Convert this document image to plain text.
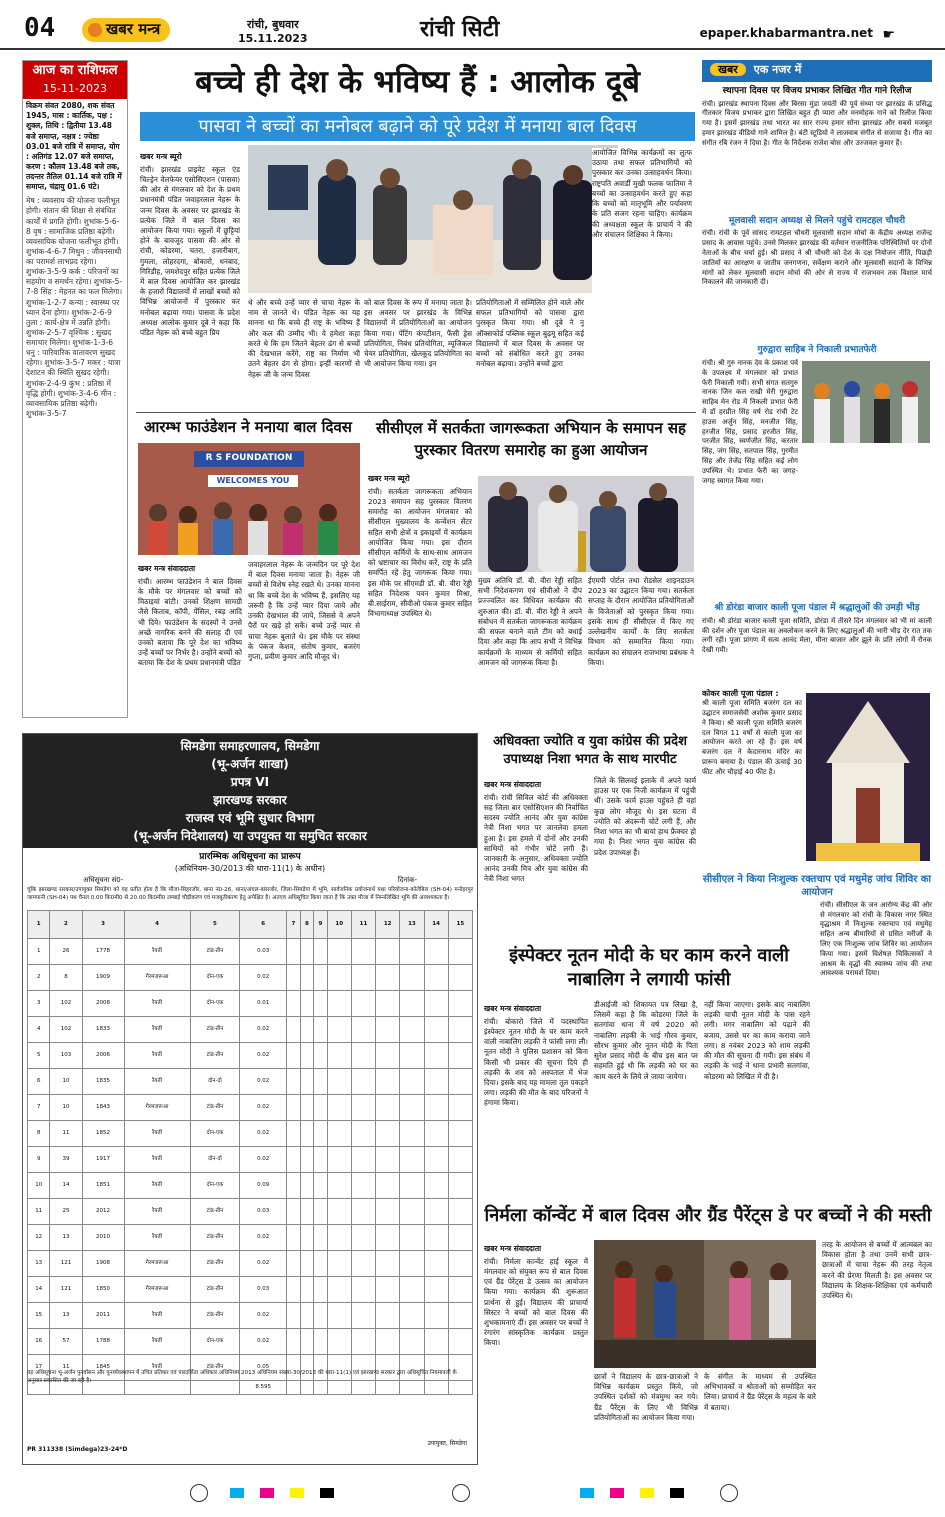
04	खबर मन्त्र	रांची, बुधवार
15.11.2023	रांची सिटी	epaper.khabarmantra.net ☛
आज का राशिफल
15-11-2023

विक्रम संवत 2080, शक संवत 1945, मास : कार्तिक, पक्ष : शुक्ल, तिथि : द्वितीया 13.48 बजे समाप्त, नक्षत्र : ज्येष्ठा 03.01 बजे रात्रि में समाप्त, योग : अतिगंड 12.07 बजे समाप्त, करण : कौलव 13.48 बजे तक, तदन्तर तैतिल 01.14 बजे रात्रि में समाप्त, चंद्रायु 01.6 घंटे।

मेष : व्यवसाय की योजना फलीभूत होगी। संतान की शिक्षा से संबंधित कार्यों में प्रगति होगी। शुभांक-5-6-8 वृष : सामाजिक प्रतिष्ठा बढ़ेगी। व्यवसायिक योजना फलीभूत होगी। शुभांक-4-6-7 मिथुन : जीवनसाथी का परामर्श लाभप्रद रहेगा। शुभांक-3-5-9 कर्क : परिजनों का सहयोग व समर्थन रहेगा। शुभांक-5-7-8 सिंह : मेहनत का फल मिलेगा। शुभांक-1-2-7 कन्या : स्वास्थ्य पर ध्यान देना होगा। शुभांक-2-6-9 तुला : कार्य-क्षेत्र में उन्नति होगी। शुभांक-2-5-7 वृश्चिक : सुखद समाचार मिलेगा। शुभांक-1-3-6 धनु : पारिवारिक वातावरण सुखद रहेगा। शुभांक-3-5-7 मकर : यात्रा देशाटन की स्थिति सुखद रहेगी। शुभांक-2-4-9 कुंभ : प्रतिष्ठा में वृद्धि होगी। शुभांक-3-4-6 मीन : व्यावसायिक प्रतिष्ठा बढ़ेगी। शुभांक-3-5-7

बच्चे ही देश के भविष्य हैं : आलोक दूबे
पासवा ने बच्चों का मनोबल बढ़ाने को पूरे प्रदेश में मनाया बाल दिवस
खबर मन्त्र ब्यूरो
रांची। झारखंड प्राइवेट स्कूल एंड चिल्ड्रेन वेलफेयर एसोसिएशन (पासवा) की ओर से मंगलवार को देश के प्रथम प्रधानमंत्री पंडित जवाहरलाल नेहरू के जन्म दिवस के अवसर पर झारखंड के प्रत्येक जिले में बाल दिवस का आयोजन किया गया। स्कूलों में छुट्टियां होने के बावजूद पासवा की ओर से रांची, कोडरमा, चतरा, हजारीबाग, गुमला, लोहरदगा, बोकारो, धनबाद, गिरिडीह, जमशेदपुर सहित प्रत्येक जिले में बाल दिवस आयोजित कर झारखंड के हजारों विद्यालयों में लाखों बच्चों को विभिन्न आयोजनों में पुरस्कार कर मनोबल बढ़ाया गया। पासवा के प्रदेश अध्यक्ष आलोक कुमार दूबे ने कहा कि पंडित नेहरू को बच्चे बहुत प्रिय
थे और बच्चे उन्हें प्यार से चाचा नेहरू के नाम से जानते थे। पंडित नेहरू का यह मानना था कि बच्चे ही राष्ट्र के भविष्य हैं और कल की उम्मीद भी। वे हमेशा कहा करते थे कि हम जितने बेहतर ढंग से बच्चों की देखभाल करेंगे, राष्ट्र का निर्माण भी उतने बेहतर ढंग से होगा। इन्हीं कारणों से नेहरू जी के जन्म दिवस
को बाल दिवस के रूप में मनाया जाता है। इस अवसर पर झारखंड के विभिन्न विद्यालयों में प्रतियोगिताओं का आयोजन किया गया। पेंटिंग कंपटीशन, फैंसी ड्रेस प्रतियोगिता, निबंध प्रतियोगिता, म्यूजिकल चेयर प्रतियोगिता, खेलकूद प्रतियोगिता का भी आयोजन किया गया। इन
प्रतियोगिताओं में सम्मिलित होने वाले और सफल प्रतिभागियों को पासवा द्वारा पुरस्कृत किया गया। श्री दूबे ने नू ऑक्सफोर्ड पब्लिक स्कूल बुढ़मू सहित कई विद्यालयों में बाल दिवस के अवसर पर बच्चों को संबोधित करते हुए उनका मनोबल बढ़ाया। उन्होंने बच्चों द्वारा
आयोजित विभिन्न कार्यक्रमों का लुत्फ उठाया तथा सफल प्रतिभागियों को पुरस्कार कर उनका उत्साहवर्धन किया। राष्ट्रपति अवार्डी मुखी फलक फातिमा ने बच्चों का उत्साहवर्धन करते हुए कहा कि बच्चों को मातृभूमि और पर्यावरण के प्रति सजग रहना चाहिए। कार्यक्रम की अध्यक्षता स्कूल के प्राचार्य ने की और संचालन शिक्षिका ने किया।
आरम्भ फाउंडेशन ने मनाया बाल दिवस
R S FOUNDATION
WELCOMES YOU
खबर मन्त्र संवाददाता
रांची। आरम्भ फाउंडेशन ने बाल दिवस के मौके पर मंगलवार को बच्चों को मिठाइयां बांटी। उनको शिक्षण सामग्री जैसे किताब, कॉपी, पेंसिल, रबड़ आदि भी दिये। फाउंडेशन के सदस्यों ने उनसे अच्छे नागरिक बनने की सलाह दी एवं उनको बताया कि पूरे देश का भविष्य उन्हें बच्चों पर निर्भर है। उन्होंने बच्चों को बताया कि देश के प्रथम प्रधानमंत्री पंडित
जवाहरलाल नेहरू के जन्मदिन पर पूरे देश में बाल दिवस मनाया जाता है। नेहरू जी बच्चों से विशेष स्नेह रखते थे। उनका मानना था कि बच्चे देश के भविष्य हैं, इसलिए यह जरूरी है कि उन्हें प्यार दिया जाये और उनकी देखभाल की जाये, जिससे वे अपने पैरों पर खड़े हो सकें। बच्चे उन्हें प्यार से चाचा नेहरू बुलाते थे। इस मौके पर संस्था के पंकज केशव, संतोष कुमार, बजरंग गुप्ता, प्रवीण कुमार आदि मौजूद थे।
सीसीएल में सतर्कता जागरूकता अभियान के समापन सह पुरस्कार वितरण समारोह का हुआ आयोजन
खबर मन्त्र ब्यूरो
रांची। सतर्कता जागरूकता अभियान 2023 समापन सह पुरस्कार वितरण समारोह का आयोजन मंगलवार को सीसीएल मुख्यालय के कन्वेंशन सेंटर सहित सभी क्षेत्रों व इकाइयों में कार्यक्रम आयोजित किया गया। इस दौरान सीसीएल कर्मियों के साथ-साथ आमजन को भ्रष्टाचार का विरोध करें, राष्ट्र के प्रति समर्पित रहें हेतु जागरूक किया गया। इस मौके पर सीएमडी डॉ. बी. वीरा रेड्डी सहित निदेशक पवन कुमार मिश्रा, बी.साईराम, सीवीओ पंकज कुमार सहित विभागाध्यक्ष उपस्थित थे।
मुख्य अतिथि डॉ. बी. वीरा रेड्डी सहित सभी निदेशकगण एवं सीवीओ ने दीप प्रज्ज्वलित कर विधिवत कार्यक्रम की शुरुआत की। डॉ. बी. वीरा रेड्डी ने अपने संबोधन में सतर्कता जागरूकता कार्यक्रम की सफल बनाने वाले टीम को बधाई दिया और कहा कि आप सभी ने विभिन्न कार्यक्रमों के माध्यम से कर्मियों सहित आमजन को जागरूक किया है।
ईएमपी पोर्टल तथा रोडसेल शाइनडाउन 2023 का उद्घाटन किया गया। सतर्कता सप्ताह के दौरान आयोजित प्रतियोगिताओं के विजेताओं को पुरस्कृत किया गया। इसके साथ ही सीसीएल में किए गए उल्लेखनीय कार्यों के लिए सतर्कता विभाग को सम्मानित किया गया। कार्यक्रम का संचालन राजभाषा प्रबंधक ने किया।
खबर एक नजर में
स्थापना दिवस पर विजय प्रभाकर लिखित गीत गाने रिलीज
रांची। झारखंड स्थापना दिवस और बिरसा मुंडा जयंती की पूर्व संध्या पर झारखंड के प्रसिद्ध गीतकार विजय प्रभाकर द्वारा लिखित बहुत ही प्यारा और मनमोहक गाने को रिलीज किया गया है। इसमें झारखंड तथा भारत का सार राज्य हमार सोना झारखंड और सबसे मजबूत हमार झारखंड वीडियो गाने शामिल है। बंटी स्टूडियो ने लाजवाब संगीत से सजाया है। गीत का संगीत रबि रंजन ने दिया है। गीत के निर्देशक राजेश बोस और उज्जवल कुमार हैं।
मूलवासी सदान अध्यक्ष से मिलने पहुंचे रामटहल चौधरी
रांची। रांची के पूर्व सांसद रामटहल चौधरी मूलवासी सदान मोर्चा के केंद्रीय अध्यक्ष राजेन्द्र प्रसाद के आवास पहुंचे। उनसे मिलकर झारखंड की वर्तमान राजनीतिक परिस्थितियों पर दोनों नेताओं के बीच चर्चा हुई। श्री प्रसाद ने श्री चौधरी को देश के दक्ष नियोजन नीति, पिछड़ी जातियों का आरक्षण व जातीय जनगणना, सर्वेक्षण कराने और मूलवासी सदानों के विभिन्न मांगों को लेकर मूलवासी सदान मोर्चा की ओर से राज्य में राजभवन तक विशाल मार्च निकालने की जानकारी दी।
गुरुद्वारा साहिब ने निकाली प्रभातफेरी
रांची। श्री गुरु नानक देव के प्रकाश पर्व के उपलक्ष्य में मंगलवार को प्रभात फेरी निकाली गयी। सभी संगत सतगुरु नानक जिन कल राखी मेरी गुरुद्वारा साहिब मेन रोड में निकली प्रभात फेरी में डॉ हरप्रीत सिंह वर्ष रोड रांची टेट हाउस अर्जुन सिंह, मनजीत सिंह, हरजीत सिंह, प्रसाद हरजीत सिंह, परजीत सिंह, स्वर्णजीत सिंह, करतार सिंह, जंग सिंह, सतपाल सिंह, गुरमीत सिंह और तेजेंद्र सिंह सहित कई लोग उपस्थित थे। प्रभात फेरी का जगह-जगह स्वागत किया गया।
श्री डोरंडा बाजार काली पूजा पंडाल में श्रद्धालुओं की उमड़ी भीड़
रांची। श्री डोरंडा बाजार काली पूजा समिति, डोरंडा में तीसरे दिन मंगलवार को भी मां काली की दर्शन और पूजा पंडाल का अवलोकन करने के लिए श्रद्धालुओं की भारी भीड़ देर रात तक लगी रही। पूजा प्रांगण में सत्य आनंद मेला, मीना बाजार और झूले के प्रति लोगों में रौनक देखी गयी।
कोकर काली पूजा पंडाल :
श्री काली पूजा समिति बजरंग दल का उद्घाटन समाजसेवी अशोक कुमार प्रसाद ने किया। श्री काली पूजा समिति बजरंग दल विगत 11 वर्षों से काली पूजा का आयोजन करते आ रहे हैं। इस वर्ष बजरंग दल ने केदारनाथ मंदिर का प्रारूप बनाया है। पंडाल की ऊंचाई 30 फीट और चौड़ाई 40 फीट है।
सीसीएल ने किया निःशुल्क रक्तचाप एवं मधुमेह जांच शिविर का आयोजन
रांची। सीसीएल के जन आरोग्य केंद्र की ओर से मंगलवार को रांची के विकास नगर स्थित वृद्धाश्रम में निःशुल्क रक्तचाप एवं मधुमेह सहित अन्य बीमारियों से ग्रसित मरीजों के लिए एक निःशुल्क जांच शिविर का आयोजन किया गया। इसमें विशेषज्ञ चिकित्सकों ने आश्रम के वृद्धों की स्वास्थ्य जांच की तथा आवश्यक परामर्श दिया।
सिमडेगा समाहरणालय, सिमडेगा
(भू-अर्जन शाखा)
प्रपत्र VI
झारखण्ड सरकार
राजस्व एवं भूमि सुधार विभाग
(भू-अर्जन निदेशालय) या उपयुक्त या समुचित सरकार
प्रारम्भिक अधिसूचना का प्रारूप
(अधिनियम-30/2013 की धारा-11(1) के अधीन)
अधिसूचना सं0-	दिनांक-
चूंकि झारखण्ड सरकार/उपायुक्त सिमडेगा को यह प्रतीत होता है कि मौजा-सिहरजोर, थाना नं0-26, थाना/अंचल-बांसजोर, जिला-सिमडेगा में भूमि, सार्वजनिक प्रयोजनार्थ यथा परियोजना-कोलेबिरा (SH-04) मनोहरपुर जामपानी (SH-04) पथ चैनल 0.00 कि0मी0 से 20.00 कि0मी0 लम्बाई चौड़ीकरण एवं मजबूतीकरण हेतु अपेक्षित है। अतएव अधिसूचित किया जाता है कि उक्त मौजा में निम्नलिखित भूमि की आवश्यकता है।
1	2	3	4	5	6	7	8	9	10	11	12	13	14	15
1	26	1778	रैयती	टांड-तीन	0.03									
2	8	1909	गैरमजरूआ	दोन-एक	0.02									
3	102	2008	रैयती	दोन-एक	0.01									
4	102	1833	रैयती	टांड-तीन	0.02									
5	103	2006	रैयती	टांड-तीन	0.02									
6	10	1835	रैयती	दोन-दो	0.02									
7	10	1843	गैरमजरूआ	टांड-तीन	0.02									
8	11	1852	रैयती	दोन-एक	0.02									
9	39	1917	रैयती	दोन-दो	0.02									
10	14	1851	रैयती	दोन-एक	0.09									
11	25	2012	रैयती	टांड-तीन	0.03									
12	13	2010	रैयती	टांड-तीन	0.02									
13	121	1908	गैरमजरूआ	टांड-तीन	0.02									
14	121	1850	गैरमजरूआ	टांड-तीन	0.03									
15	13	2011	रैयती	टांड-तीन	0.02									
16	57	1788	रैयती	दोन-एक	0.02									
17	11	1845	रैयती	टांड-तीन	0.05									
					8.595									
यह अधिसूचना भू-अर्जन पुनर्वासन और पुनर्व्यवस्थापन में उचित प्रतिकर एवं पारदर्शिता अधिकार अधिनियम 2013 अधिनियम संख्या-30/2013 की धारा-11(1) एवं झारखण्ड सरकार द्वारा अधिसूचित नियमावली के अनुसार प्रकाशित की जा रही है।
PR 311338 (Simdega)23-24*D
उपायुक्त, सिमडेगा
अधिवक्ता ज्योति व युवा कांग्रेस की प्रदेश उपाध्यक्ष निशा भगत के साथ मारपीट
खबर मन्त्र संवाददाता
रांची। रांची सिविल कोर्ट की अधिवक्ता सह जिला बार एसोसिएशन की निर्वाचित सदस्य ज्योति आनंद और युवा कांग्रेस नेत्री निशा भगत पर जानलेवा हमला हुआ है। इस हमले में दोनों और उनकी साथियों को गंभीर चोटें लगी हैं। जानकारी के अनुसार, अधिवक्ता ज्योति आनंद उनकी मित्र और युवा कांग्रेस की नेत्री निशा भगत
जिले के सिलवई इलाके में अपने फार्म हाउस पर एक निजी कार्यक्रम में पहुंची थीं। उसके फार्म हाउस पहुंचते ही वहां कुछ लोग मौजूद थे। इस घटना में ज्योति को अंदरूनी चोटें लगी हैं, और निशा भगत का भी बायां हाथ फ्रैक्चर हो गया है। निशा भगत युवा कांग्रेस की प्रदेश उपाध्यक्ष हैं।
इंस्पेक्टर नूतन मोदी के घर काम करने वाली नाबालिग ने लगायी फांसी
खबर मन्त्र संवाददाता
रांची। बोकारो जिले में पदस्थापित इंस्पेक्टर नूतन मोदी के घर काम करने वाली नाबालिग लड़की ने फांसी लगा ली। नूतन मोदी ने पुलिस प्रशासन को बिना किसी भी प्रकार की सूचना दिये ही लड़की के शव को अस्पताल में भेज दिया। इसके बाद यह मामला तूल पकड़ने लगा। लड़की की मौत के बाद परिजनों ने हंगामा किया।
डीआईजी को शिकायत पत्र लिखा है, जिसमें कहा है कि कोडरमा जिले के सतगांवा थाना में वर्ष 2020 को नाबालिग लड़की के भाई गौरव कुमार, सौरभ कुमार और नूतन मोदी के पिता सुरेश प्रसाद मोदी के बीच इस बात पर सहमति हुई थी कि लड़की को घर का काम करने के लिये ले जाया जायेगा।
नहीं किया जाएगा। इसके बाद नाबालिग लड़की चाची नूतन मोदी के पास रहने लगी। मगर नाबालिग को पढ़ाने की बजाय, उससे घर का काम कराया जाने लगा। 8 नवंबर 2023 को शाम लड़की की मौत की सूचना दी गयी। इस संबंध में लड़की के भाई ने थाना प्रभारी सतगांवा, कोडरमा को लिखित में दी है।
निर्मला कॉन्वेंट में बाल दिवस और ग्रैंड पैरेंट्स डे पर बच्चों ने की मस्ती
खबर मन्त्र संवाददाता
रांची। निर्मला कान्वेंट हाई स्कूल में मंगलवार को संयुक्त रूप से बाल दिवस एवं ग्रैंड पेरेंट्स डे उत्सव का आयोजन किया गया। कार्यक्रम की शुरूआत प्रार्थना से हुई। विद्यालय की प्राचार्या सिस्टर ने बच्चों को बाल दिवस की शुभकामनाएं दीं। इस अवसर पर बच्चों ने रंगारंग सांस्कृतिक कार्यक्रम प्रस्तुत किया।
छात्रों ने विद्यालय के छात्र-छात्राओं ने विभिन्न कार्यक्रम प्रस्तुत किये, जो उपस्थित दर्शकों को मंत्रमुग्ध कर गये। ग्रैंड पैरेंट्स के लिए भी विभिन्न प्रतियोगिताओं का आयोजन किया गया।
के संगीत के माध्यम से उपस्थित अभिभावकों व श्रोताओं को सम्मोहित कर लिया। प्राचार्य ने ग्रैंड पेरेंट्स के महत्व के बारे में बताया।
तरह के आयोजन से बच्चों में आत्मबल का विकास होता है तथा उनमें सभी छात्र-छात्राओं में चाचा नेहरू की तरह नेतृत्व करने की प्रेरणा मिलती है। इस अवसर पर विद्यालय के शिक्षक-शिक्षिका एवं कर्मचारी उपस्थित थे।
